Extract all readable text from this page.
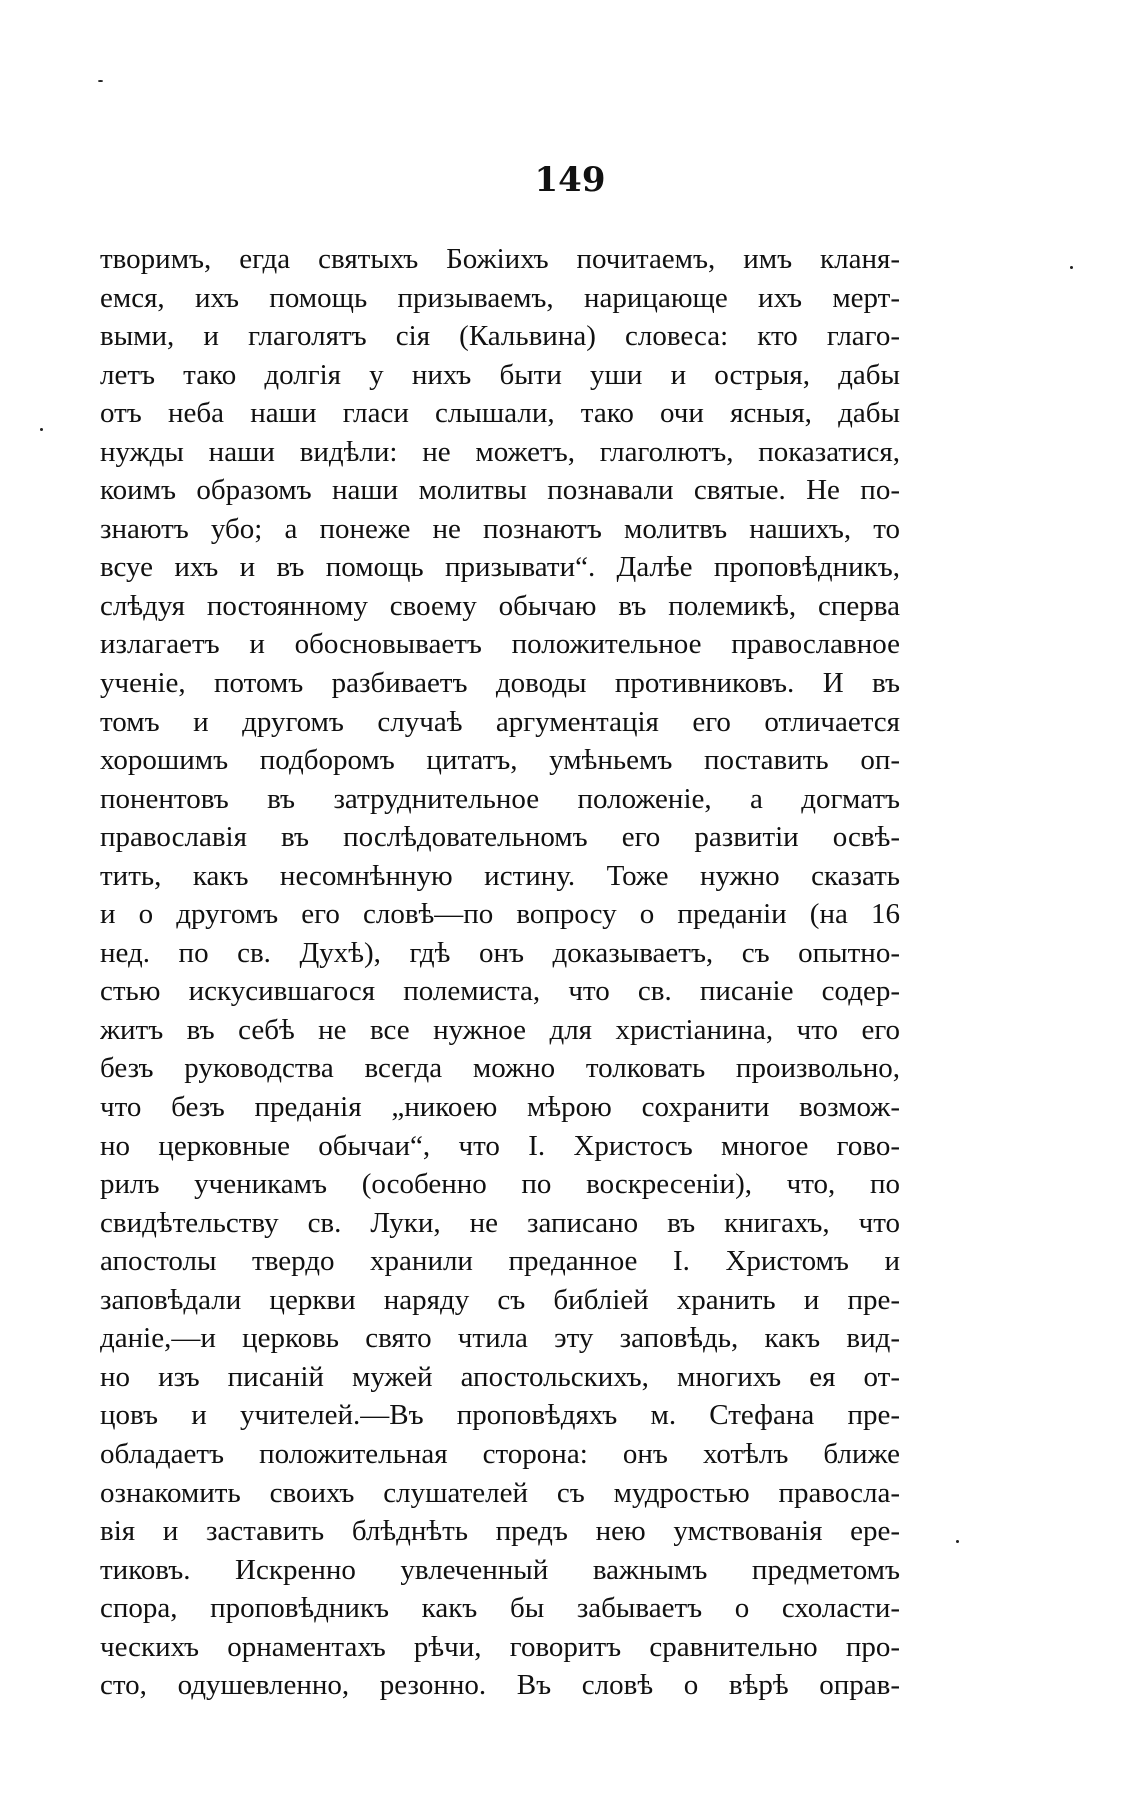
149
творимъ, егда святыхъ Божіихъ почитаемъ, имъ кланя-
емся, ихъ помощь призываемъ, нарицающе ихъ мерт-
выми, и глаголятъ сія (Кальвина) словеса: кто глаго-
летъ тако долгія у нихъ быти уши и острыя, дабы
отъ неба наши гласи слышали, тако очи ясныя, дабы
нужды наши видѣли: не можетъ, глаголютъ, показатися,
коимъ образомъ наши молитвы познавали святые. Не по-
знаютъ убо; а понеже не познаютъ молитвъ нашихъ, то
всуе ихъ и въ помощь призывати“. Далѣе проповѣдникъ,
слѣдуя постоянному своему обычаю въ полемикѣ, сперва
излагаетъ и обосновываетъ положительное православное
ученіе, потомъ разбиваетъ доводы противниковъ. И въ
томъ и другомъ случаѣ аргументація его отличается
хорошимъ подборомъ цитатъ, умѣньемъ поставить оп-
понентовъ въ затруднительное положеніе, а догматъ
православія въ послѣдовательномъ его развитіи освѣ-
тить, какъ несомнѣнную истину. Тоже нужно сказать
и о другомъ его словѣ—по вопросу о преданіи (на 16
нед. по св. Духѣ), гдѣ онъ доказываетъ, съ опытно-
стью искусившагося полемиста, что св. писаніе содер-
житъ въ себѣ не все нужное для христіанина, что его
безъ руководства всегда можно толковать произвольно,
что безъ преданія „никоею мѣрою сохранити возмож-
но церковные обычаи“, что І. Христосъ многое гово-
рилъ ученикамъ (особенно по воскресеніи), что, по
свидѣтельству св. Луки, не записано въ книгахъ, что
апостолы твердо хранили преданное І. Христомъ и
заповѣдали церкви наряду съ библіей хранить и пре-
даніе,—и церковь свято чтила эту заповѣдь, какъ вид-
но изъ писаній мужей апостольскихъ, многихъ ея от-
цовъ и учителей.—Въ проповѣдяхъ м. Стефана пре-
обладаетъ положительная сторона: онъ хотѣлъ ближе
ознакомить своихъ слушателей съ мудростью правосла-
вія и заставить блѣднѣть предъ нею умствованія ере-
тиковъ. Искренно увлеченный важнымъ предметомъ
спора, проповѣдникъ какъ бы забываетъ о схоласти-
ческихъ орнаментахъ рѣчи, говоритъ сравнительно про-
сто, одушевленно, резонно. Въ словѣ о вѣрѣ оправ-
